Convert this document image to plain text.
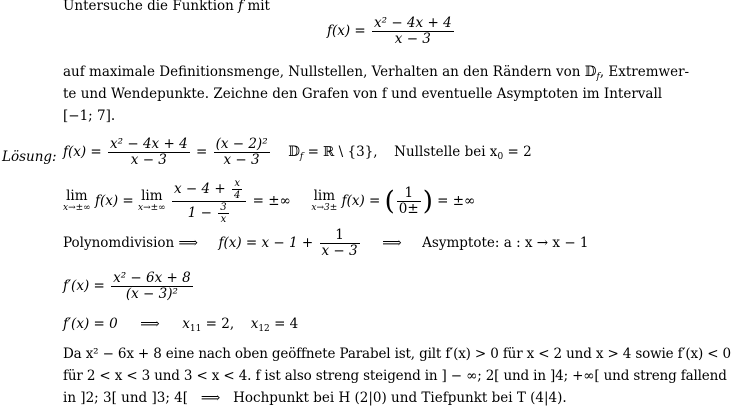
Untersuche die Funktion f mit
$f(x) = \frac{\text{x² − 4x + 4}}{x - 3}$
auf maximale Definitionsmenge, Nullstellen, Verhalten an den Rändern von 𝔻$_f$, Extremwer-
te und Wendepunkte. Zeichne den Grafen von f und eventuelle Asymptoten im Intervall
[−1; 7].
Lösung: $f(x) = \frac{\text{x² − 4x + 4}}{x - 3} = \frac{\text{(x − 2)²}}{x - 3}$ 𝔻$_f$ = ℝ \ {3}, Nullstelle bei $x_0 = 2$
lim
x→±∞ f(x) = lim
x→±∞
$\frac{x - 4 + \frac{x}{4}}{1 - \frac{3}{x}}$ = ±∞ lim
x→3± f(x) = ( $\frac{1}{0\pm}$ ) = ±∞
Polynomdivision ⟹ $f(x) = x - 1 + \frac{1}{x - 3}$ ⟹ Asymptote: a : x → x − 1
$f'(x) = \frac{\text{x² − 6x + 8}}{\text{(x − 3)²}}$
f′(x) = 0 ⟹ $x_{11} = 2$, $x_{12} = 4$
Da x² − 6x + 8 eine nach oben geöffnete Parabel ist, gilt f′(x) > 0 für x < 2 und x > 4 sowie f′(x) < 0
für 2 < x < 3 und 3 < x < 4. f ist also streng steigend in ] − ∞; 2[ und in ]4; +∞[ und streng fallend
in ]2; 3[ und ]3; 4[   ⟹   Hochpunkt bei H (2|0) und Tiefpunkt bei T (4|4).
